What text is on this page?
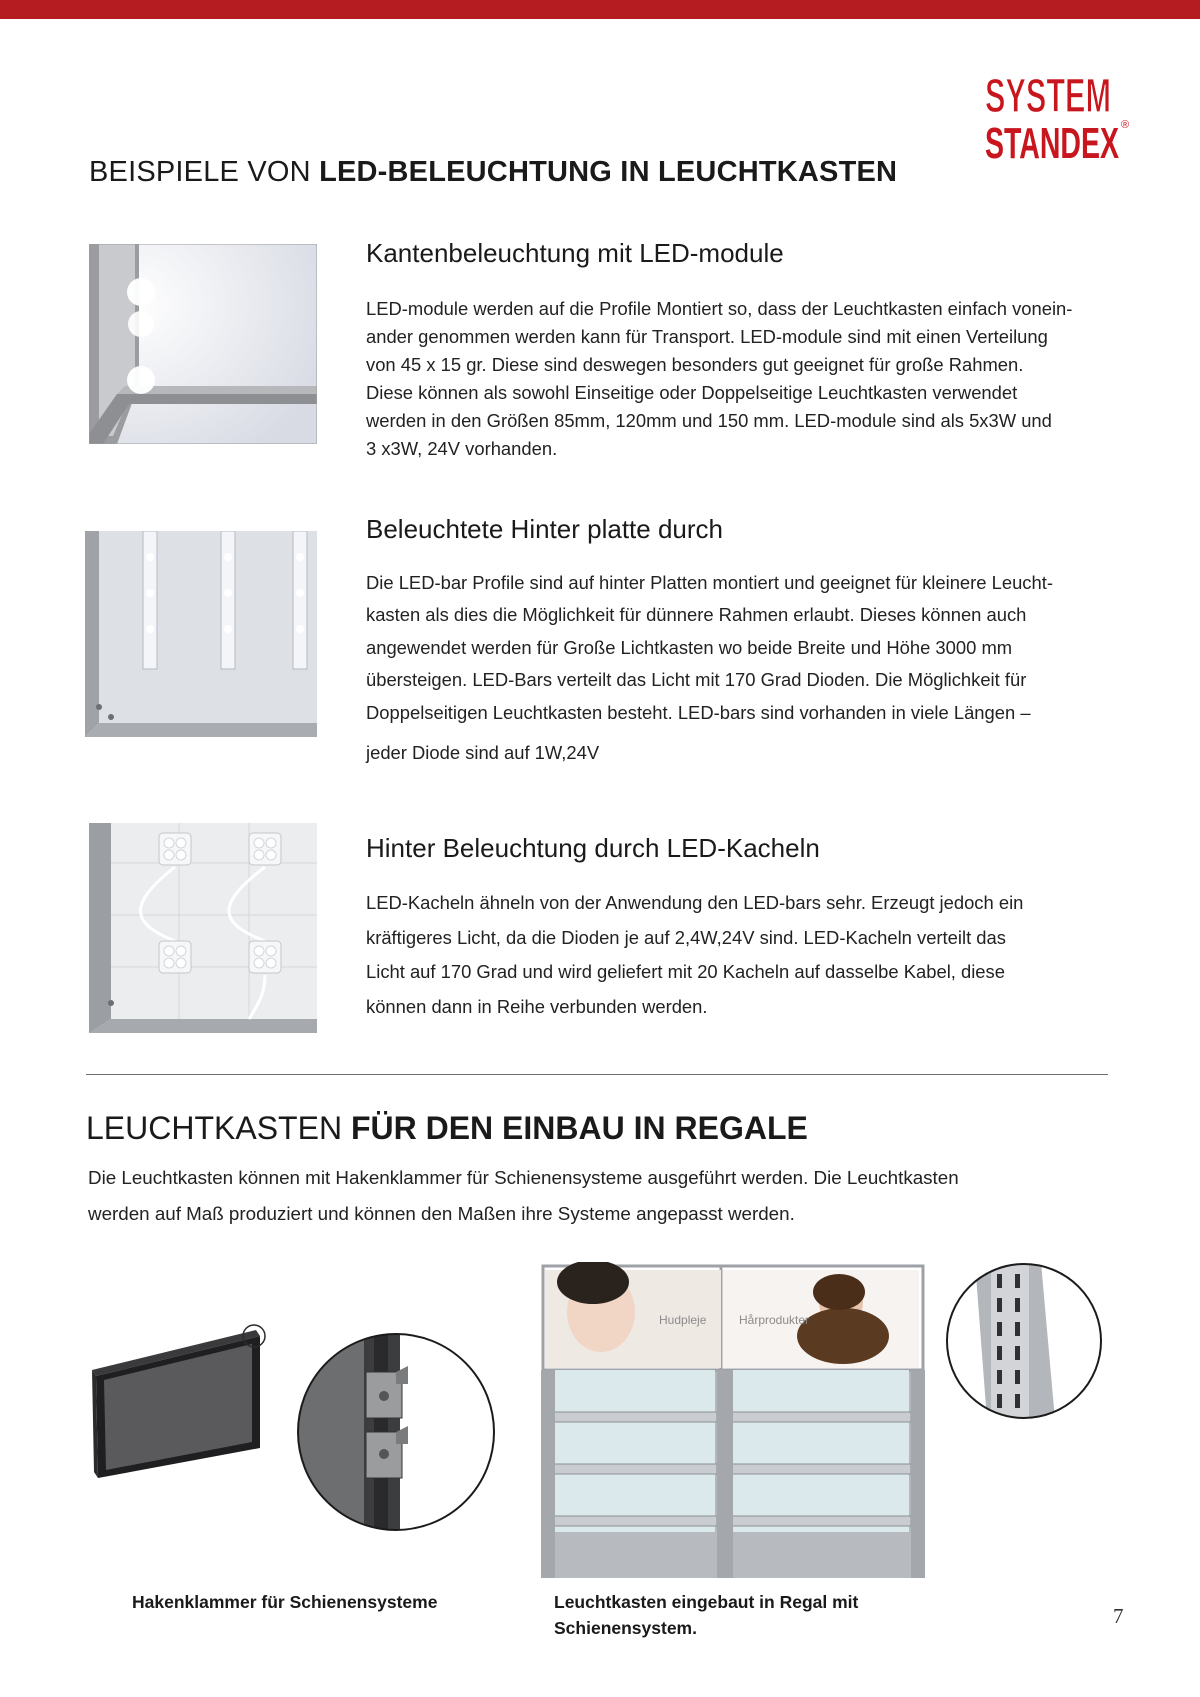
SYSTEM
STANDEX ®
BEISPIELE VON LED-BELEUCHTUNG IN LEUCHTKASTEN
Kantenbeleuchtung mit LED-module
LED-module werden auf die Profile Montiert so, dass der Leuchtkasten einfach vonein-
ander genommen werden kann für Transport. LED-module sind mit einen Verteilung
von 45 x 15 gr. Diese sind deswegen besonders gut geeignet für große Rahmen.
Diese können als sowohl Einseitige oder Doppelseitige Leuchtkasten verwendet
werden in den Größen 85mm, 120mm und 150 mm. LED-module sind als 5x3W und
3 x3W, 24V vorhanden.
Beleuchtete Hinter platte durch
Die LED-bar Profile sind auf hinter Platten montiert und geeignet für kleinere Leucht-
kasten als dies die Möglichkeit für dünnere Rahmen erlaubt. Dieses können auch
angewendet werden für Große Lichtkasten wo beide Breite und Höhe 3000 mm
übersteigen. LED-Bars verteilt das Licht mit 170 Grad Dioden. Die Möglichkeit für
Doppelseitigen Leuchtkasten besteht. LED-bars sind vorhanden in viele Längen –
jeder Diode sind auf 1W,24V
Hinter Beleuchtung durch LED-Kacheln
LED-Kacheln ähneln von der Anwendung den LED-bars sehr. Erzeugt jedoch ein
kräftigeres Licht, da die Dioden je auf 2,4W,24V sind. LED-Kacheln verteilt das
Licht auf 170 Grad und wird geliefert mit 20 Kacheln auf dasselbe Kabel, diese
können dann in Reihe verbunden werden.
LEUCHTKASTEN FÜR DEN EINBAU IN REGALE
Die Leuchtkasten können mit Hakenklammer für Schienensysteme ausgeführt werden. Die Leuchtkasten
werden auf Maß produziert und können den Maßen ihre Systeme angepasst werden.
Hudpleje	Hårprodukter
Hakenklammer für Schienensysteme	Leuchtkasten eingebaut in Regal mit
Schienensystem.	7
